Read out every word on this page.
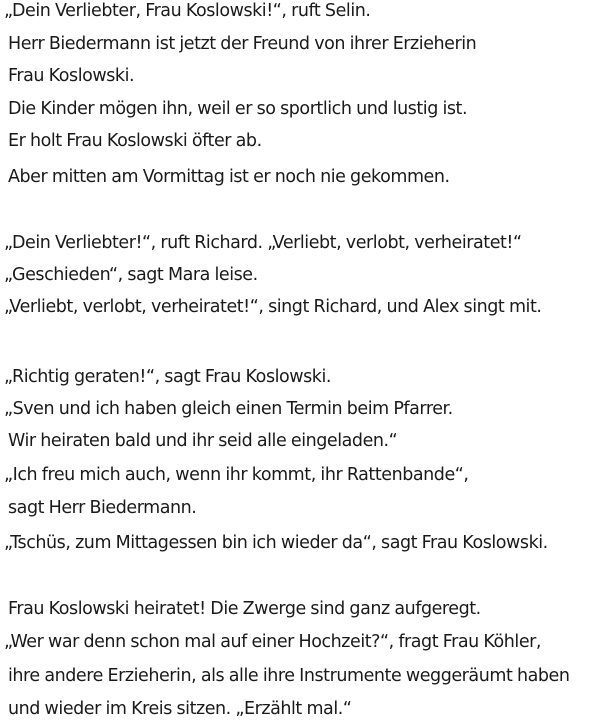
„Dein Verliebter, Frau Koslowski!“, ruft Selin.
Herr Biedermann ist jetzt der Freund von ihrer Erzieherin
Frau Koslowski.
Die Kinder mögen ihn, weil er so sportlich und lustig ist.
Er holt Frau Koslowski öfter ab.
Aber mitten am Vormittag ist er noch nie gekommen.
„Dein Verliebter!“, ruft Richard. „Verliebt, verlobt, verheiratet!“
„Geschieden“, sagt Mara leise.
„Verliebt, verlobt, verheiratet!“, singt Richard, und Alex singt mit.
„Richtig geraten!“, sagt Frau Koslowski.
„Sven und ich haben gleich einen Termin beim Pfarrer.
Wir heiraten bald und ihr seid alle eingeladen.“
„Ich freu mich auch, wenn ihr kommt, ihr Rattenbande“,
sagt Herr Biedermann.
„Tschüs, zum Mittagessen bin ich wieder da“, sagt Frau Koslowski.
Frau Koslowski heiratet! Die Zwerge sind ganz aufgeregt.
„Wer war denn schon mal auf einer Hochzeit?“, fragt Frau Köhler,
ihre andere Erzieherin, als alle ihre Instrumente weggeräumt haben
und wieder im Kreis sitzen. „Erzählt mal.“
